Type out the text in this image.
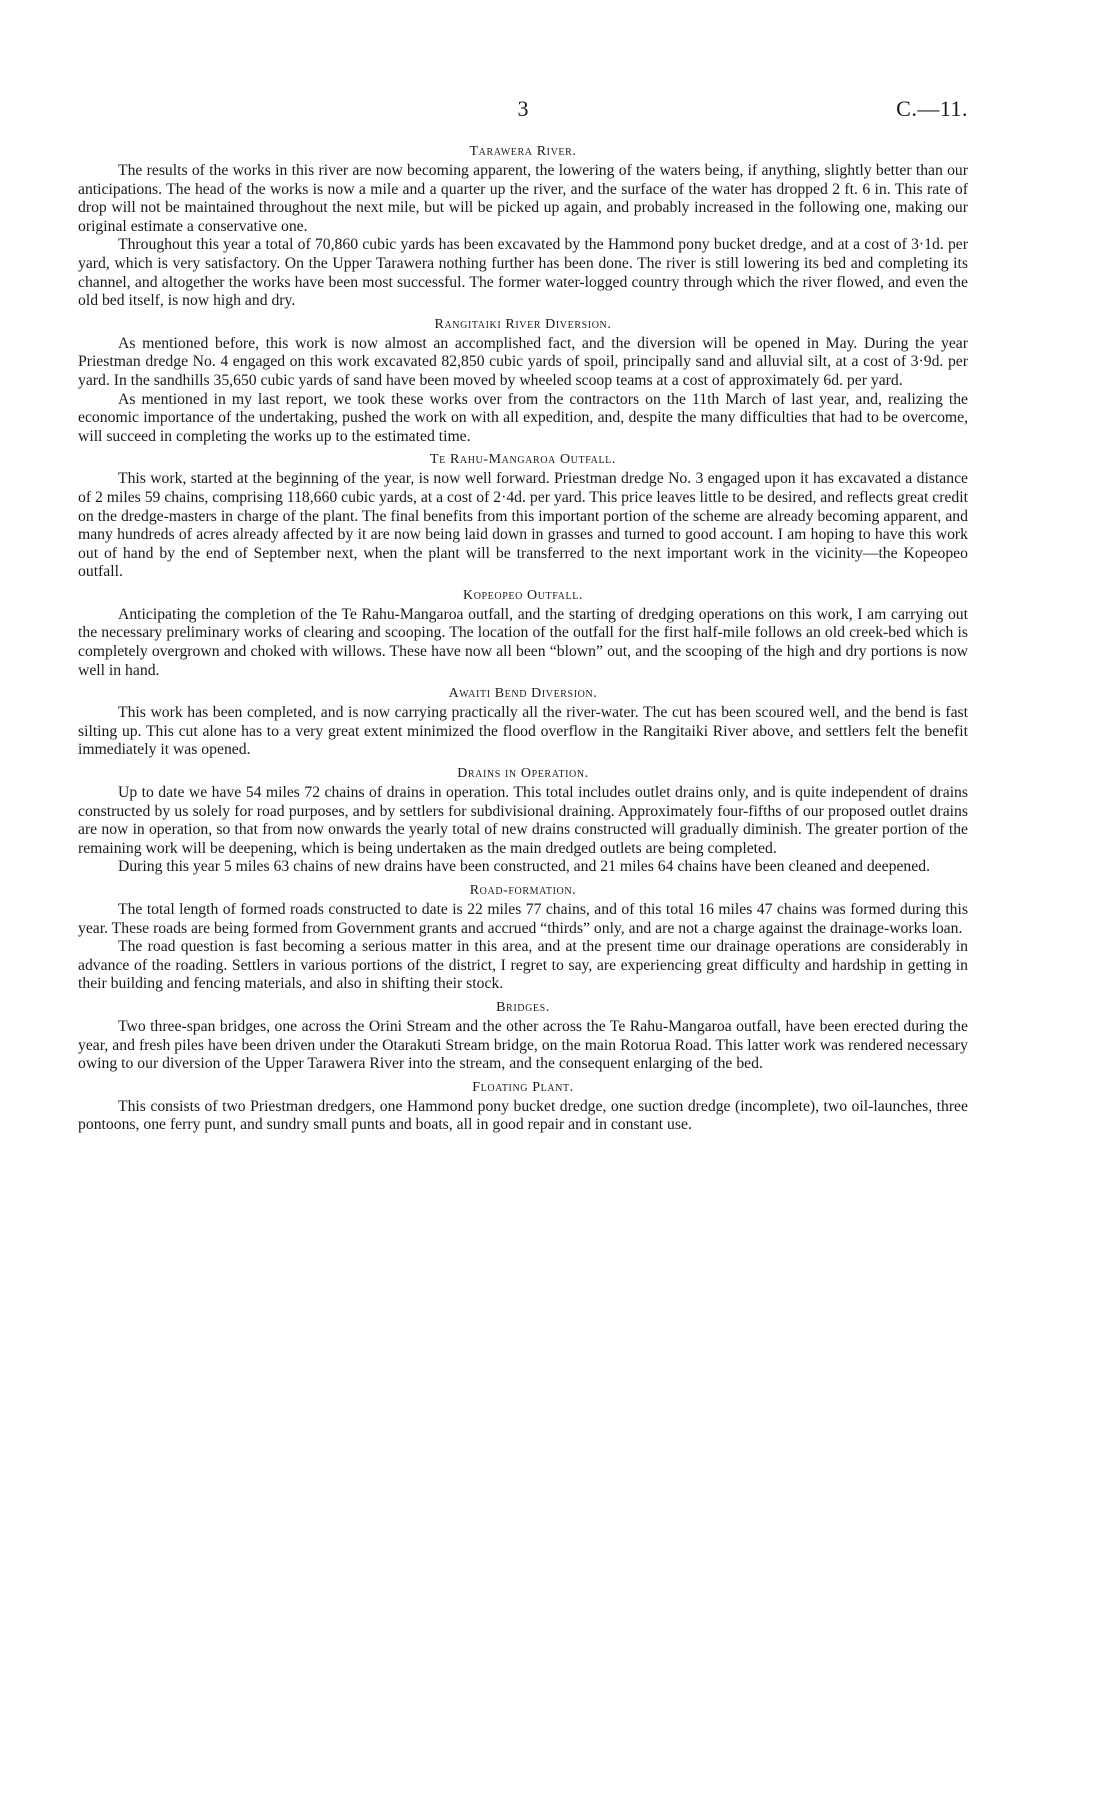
3	C.—11.
Tarawera River.

The results of the works in this river are now becoming apparent, the lowering of the waters being, if anything, slightly better than our anticipations. The head of the works is now a mile and a quarter up the river, and the surface of the water has dropped 2 ft. 6 in. This rate of drop will not be maintained throughout the next mile, but will be picked up again, and probably increased in the following one, making our original estimate a conservative one.

Throughout this year a total of 70,860 cubic yards has been excavated by the Hammond pony bucket dredge, and at a cost of 3·1d. per yard, which is very satisfactory. On the Upper Tarawera nothing further has been done. The river is still lowering its bed and completing its channel, and altogether the works have been most successful. The former water-logged country through which the river flowed, and even the old bed itself, is now high and dry.

Rangitaiki River Diversion.

As mentioned before, this work is now almost an accomplished fact, and the diversion will be opened in May. During the year Priestman dredge No. 4 engaged on this work excavated 82,850 cubic yards of spoil, principally sand and alluvial silt, at a cost of 3·9d. per yard. In the sandhills 35,650 cubic yards of sand have been moved by wheeled scoop teams at a cost of approximately 6d. per yard.

As mentioned in my last report, we took these works over from the contractors on the 11th March of last year, and, realizing the economic importance of the undertaking, pushed the work on with all expedition, and, despite the many difficulties that had to be overcome, will succeed in completing the works up to the estimated time.

Te Rahu-Mangaroa Outfall.

This work, started at the beginning of the year, is now well forward. Priestman dredge No. 3 engaged upon it has excavated a distance of 2 miles 59 chains, comprising 118,660 cubic yards, at a cost of 2·4d. per yard. This price leaves little to be desired, and reflects great credit on the dredge-masters in charge of the plant. The final benefits from this important portion of the scheme are already becoming apparent, and many hundreds of acres already affected by it are now being laid down in grasses and turned to good account. I am hoping to have this work out of hand by the end of September next, when the plant will be transferred to the next important work in the vicinity—the Kopeopeo outfall.

Kopeopeo Outfall.

Anticipating the completion of the Te Rahu-Mangaroa outfall, and the starting of dredging operations on this work, I am carrying out the necessary preliminary works of clearing and scooping. The location of the outfall for the first half-mile follows an old creek-bed which is completely overgrown and choked with willows. These have now all been “blown” out, and the scooping of the high and dry portions is now well in hand.

Awaiti Bend Diversion.

This work has been completed, and is now carrying practically all the river-water. The cut has been scoured well, and the bend is fast silting up. This cut alone has to a very great extent minimized the flood overflow in the Rangitaiki River above, and settlers felt the benefit immediately it was opened.

Drains in Operation.

Up to date we have 54 miles 72 chains of drains in operation. This total includes outlet drains only, and is quite independent of drains constructed by us solely for road purposes, and by settlers for subdivisional draining. Approximately four-fifths of our proposed outlet drains are now in operation, so that from now onwards the yearly total of new drains constructed will gradually diminish. The greater portion of the remaining work will be deepening, which is being undertaken as the main dredged outlets are being completed.

During this year 5 miles 63 chains of new drains have been constructed, and 21 miles 64 chains have been cleaned and deepened.

Road-formation.

The total length of formed roads constructed to date is 22 miles 77 chains, and of this total 16 miles 47 chains was formed during this year. These roads are being formed from Government grants and accrued “thirds” only, and are not a charge against the drainage-works loan.

The road question is fast becoming a serious matter in this area, and at the present time our drainage operations are considerably in advance of the roading. Settlers in various portions of the district, I regret to say, are experiencing great difficulty and hardship in getting in their building and fencing materials, and also in shifting their stock.

Bridges.

Two three-span bridges, one across the Orini Stream and the other across the Te Rahu-Mangaroa outfall, have been erected during the year, and fresh piles have been driven under the Otarakuti Stream bridge, on the main Rotorua Road. This latter work was rendered necessary owing to our diversion of the Upper Tarawera River into the stream, and the consequent enlarging of the bed.

Floating Plant.

This consists of two Priestman dredgers, one Hammond pony bucket dredge, one suction dredge (incomplete), two oil-launches, three pontoons, one ferry punt, and sundry small punts and boats, all in good repair and in constant use.
